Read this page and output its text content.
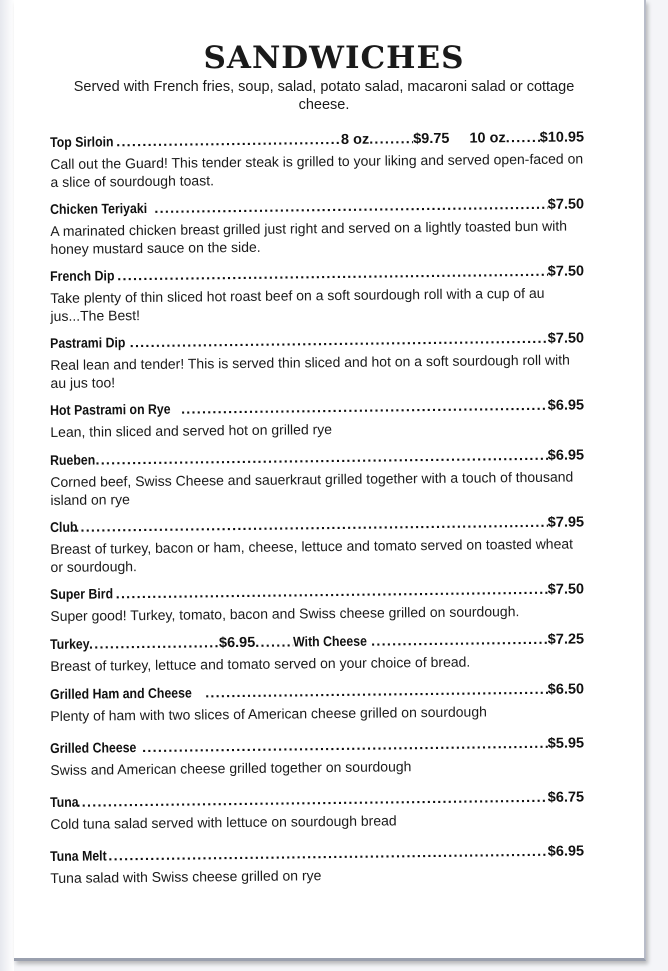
SANDWICHES

Served with French fries, soup, salad, potato salad, macaroni salad or cottage cheese.

Top Sirloin .....	8 oz .....	$9.75 10 oz ..... $10.95
Call out the Guard! This tender steak is grilled to your liking and served open-faced on a slice of sourdough toast.
Chicken Teriyaki .....	$7.50
A marinated chicken breast grilled just right and served on a lightly toasted bun with honey mustard sauce on the side.
French Dip .....	$7.50
Take plenty of thin sliced hot roast beef on a soft sourdough roll with a cup of au jus...The Best!
Pastrami Dip .....	$7.50
Real lean and tender! This is served thin sliced and hot on a soft sourdough roll with au jus too!
Hot Pastrami on Rye .....	$6.95
Lean, thin sliced and served hot on grilled rye
Rueben .....	$6.95
Corned beef, Swiss Cheese and sauerkraut grilled together with a touch of thousand island on rye
Club .....	$7.95
Breast of turkey, bacon or ham, cheese, lettuce and tomato served on toasted wheat or sourdough.
Super Bird .....	$7.50
Super good! Turkey, tomato, bacon and Swiss cheese grilled on sourdough.
Turkey .....	$6.95 .....	With Cheese .....	$7.25
Breast of turkey, lettuce and tomato served on your choice of bread.
Grilled Ham and Cheese .....	$6.50
Plenty of ham with two slices of American cheese grilled on sourdough
Grilled Cheese .....	$5.95
Swiss and American cheese grilled together on sourdough
Tuna .....	$6.75
Cold tuna salad served with lettuce on sourdough bread
Tuna Melt .....	$6.95
Tuna salad with Swiss cheese grilled on rye
